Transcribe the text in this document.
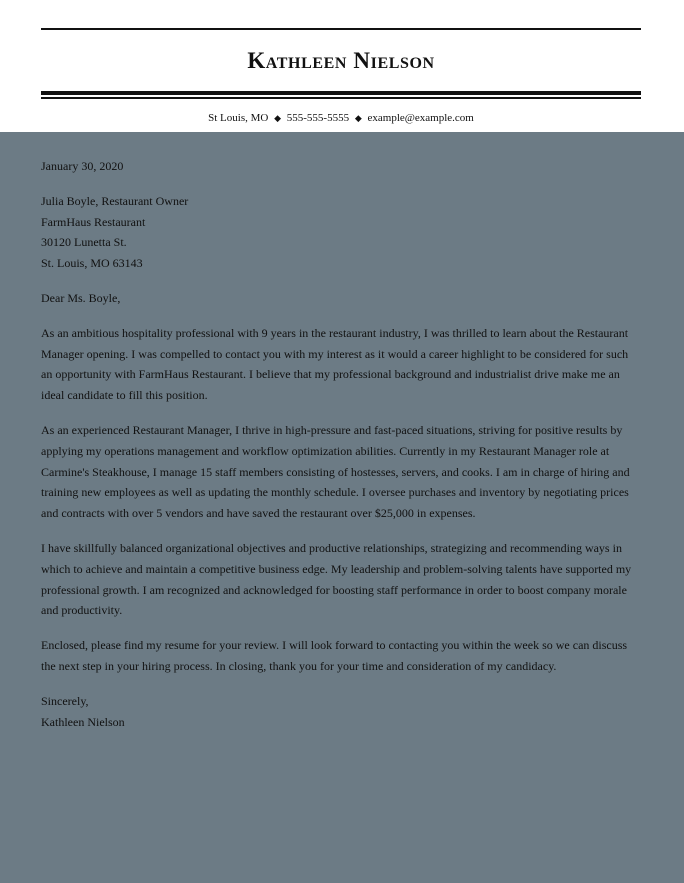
Kathleen Nielson
St Louis, MO ◆ 555-555-5555 ◆ example@example.com

January 30, 2020

Julia Boyle, Restaurant Owner

FarmHaus Restaurant

30120 Lunetta St.

St. Louis, MO 63143

Dear Ms. Boyle,

As an ambitious hospitality professional with 9 years in the restaurant industry, I was thrilled to learn about the Restaurant Manager opening. I was compelled to contact you with my interest as it would a career highlight to be considered for such an opportunity with FarmHaus Restaurant. I believe that my professional background and industrialist drive make me an ideal candidate to fill this position.

As an experienced Restaurant Manager, I thrive in high-pressure and fast-paced situations, striving for positive results by applying my operations management and workflow optimization abilities. Currently in my Restaurant Manager role at Carmine's Steakhouse, I manage 15 staff members consisting of hostesses, servers, and cooks. I am in charge of hiring and training new employees as well as updating the monthly schedule. I oversee purchases and inventory by negotiating prices and contracts with over 5 vendors and have saved the restaurant over $25,000 in expenses.

I have skillfully balanced organizational objectives and productive relationships, strategizing and recommending ways in which to achieve and maintain a competitive business edge. My leadership and problem-solving talents have supported my professional growth. I am recognized and acknowledged for boosting staff performance in order to boost company morale and productivity.

Enclosed, please find my resume for your review. I will look forward to contacting you within the week so we can discuss the next step in your hiring process. In closing, thank you for your time and consideration of my candidacy.

Sincerely,

Kathleen Nielson
